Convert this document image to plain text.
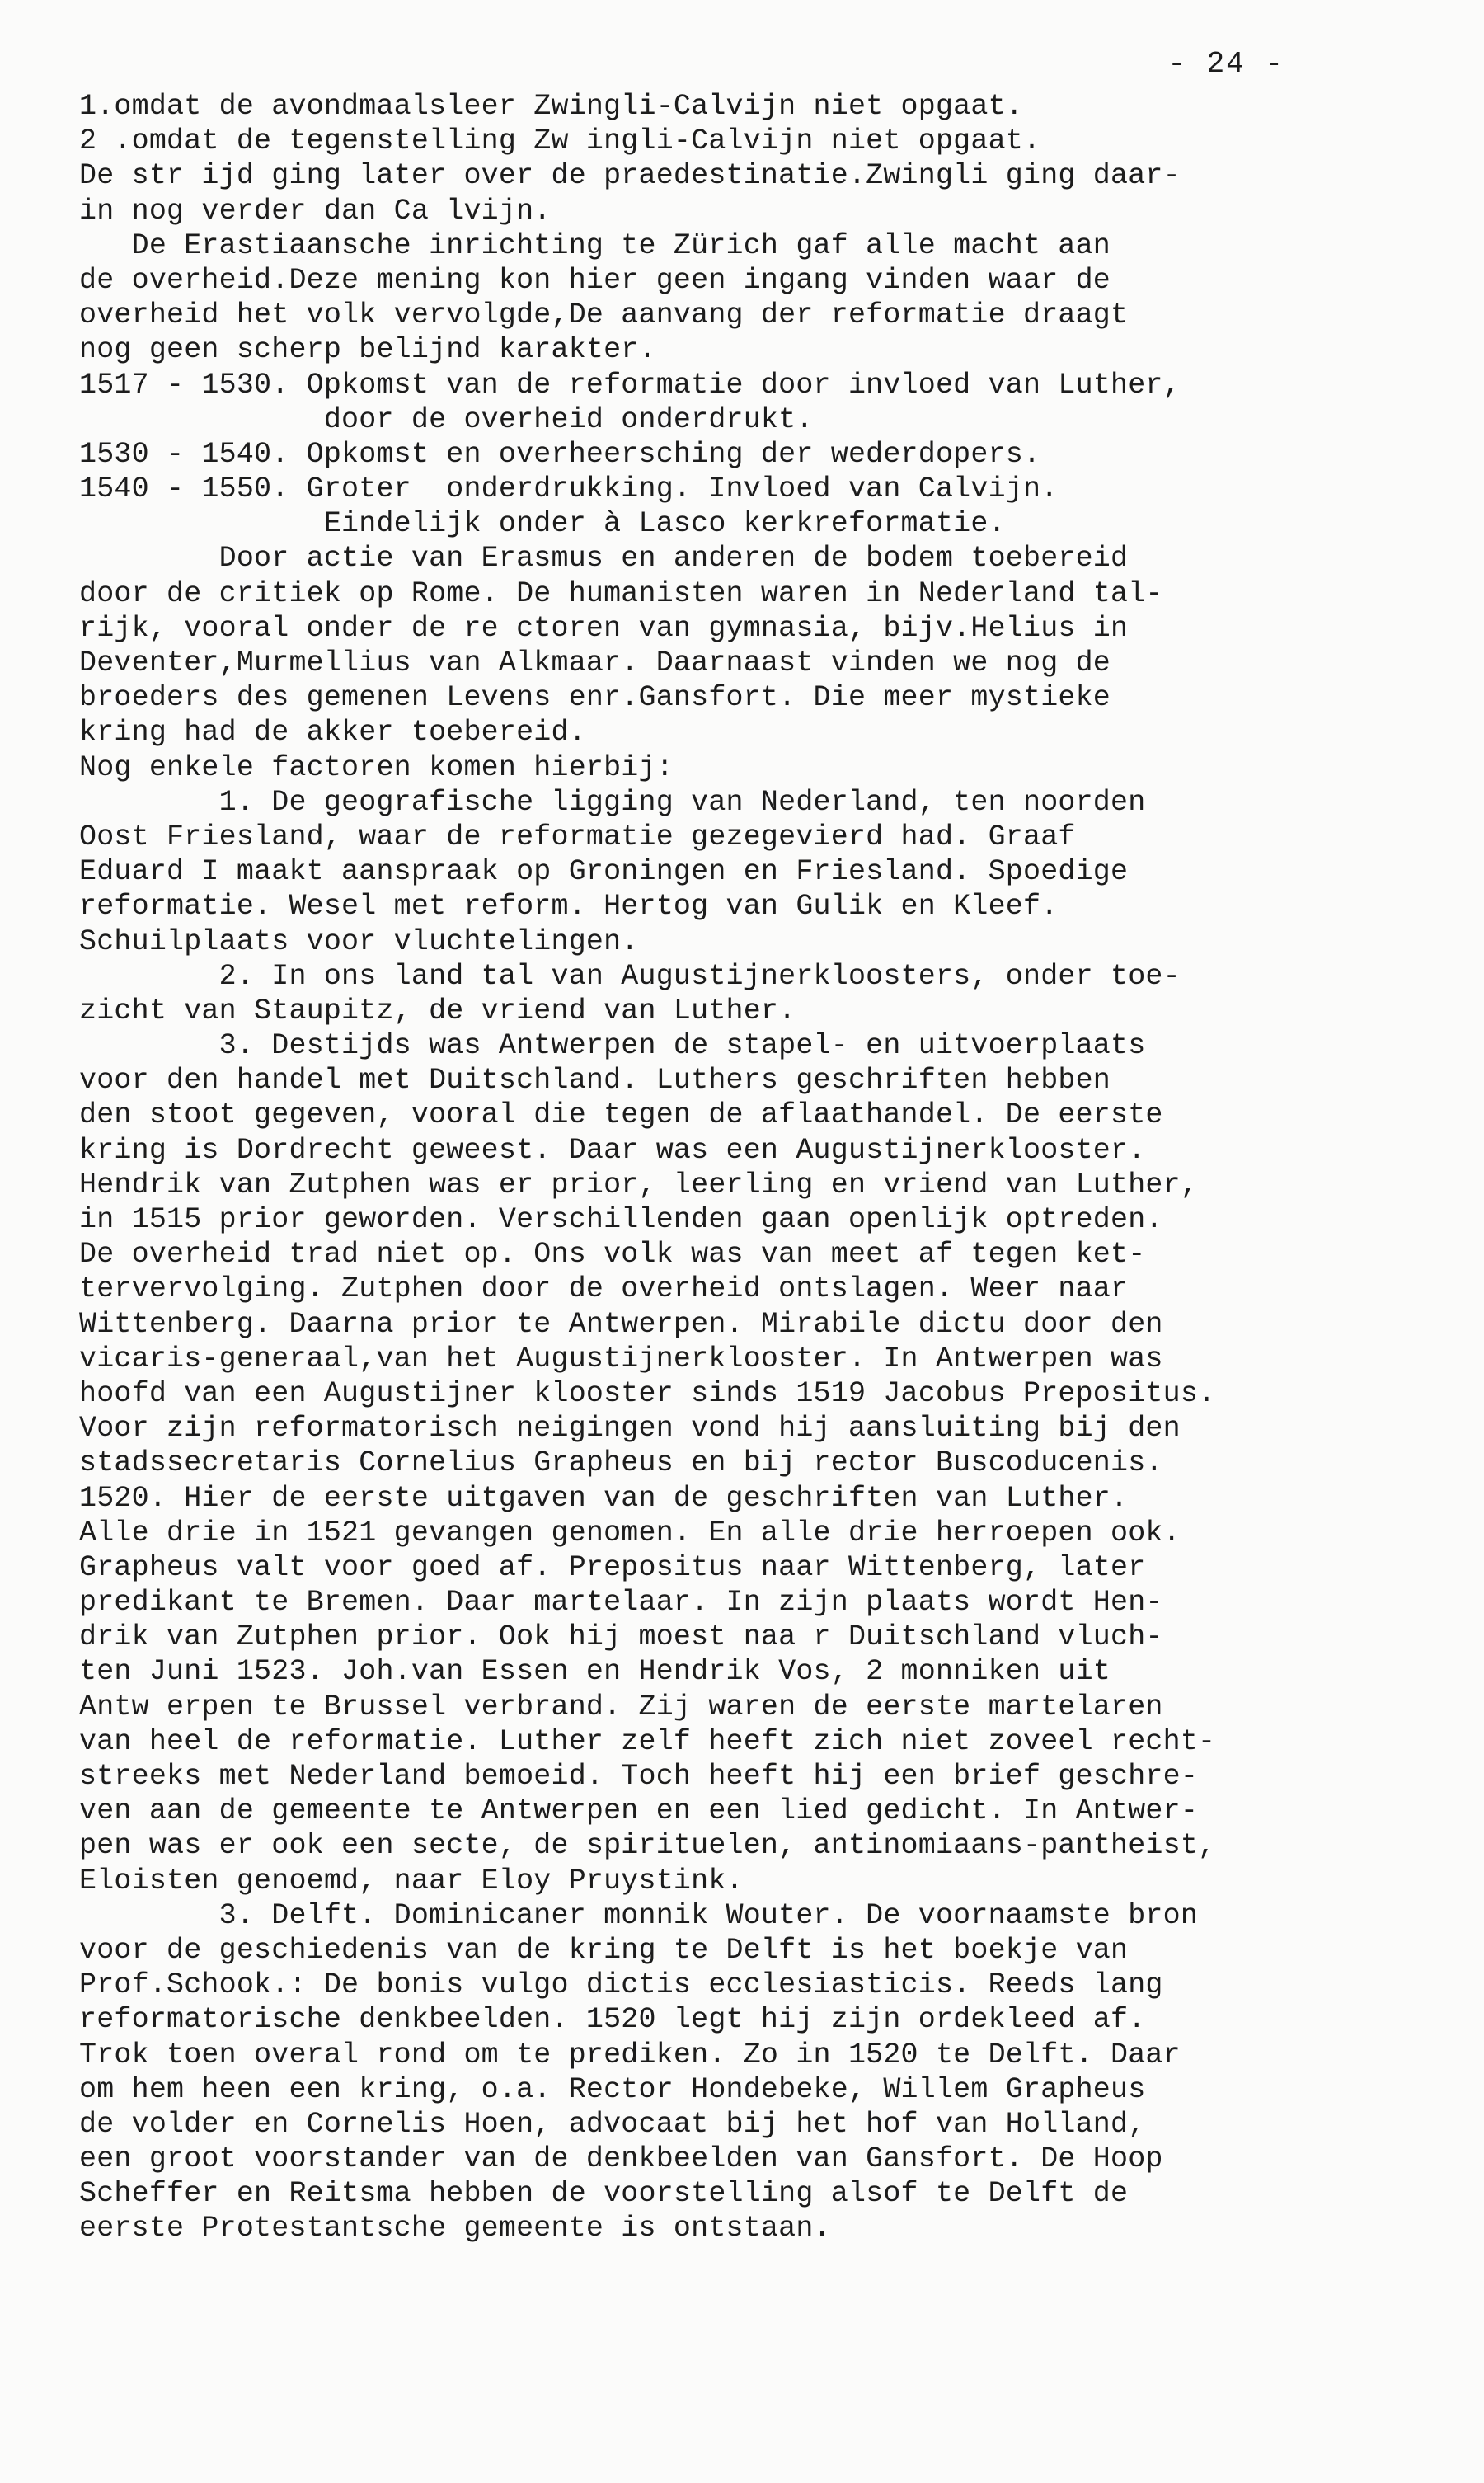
- 24 -
1.omdat de avondmaalsleer Zwingli-Calvijn niet opgaat.
2 .omdat de tegenstelling Zw ingli-Calvijn niet opgaat.
De str ijd ging later over de praedestinatie.Zwingli ging daar-
in nog verder dan Ca lvijn.
De Erastiaansche inrichting te Zürich gaf alle macht aan
de overheid.Deze mening kon hier geen ingang vinden waar de
overheid het volk vervolgde,De aanvang der reformatie draagt
nog geen scherp belijnd karakter.
1517 - 1530. Opkomst van de reformatie door invloed van Luther,
door de overheid onderdrukt.
1530 - 1540. Opkomst en overheersching der wederdopers.
1540 - 1550. Groter  onderdrukking. Invloed van Calvijn.
Eindelijk onder à Lasco kerkreformatie.
Door actie van Erasmus en anderen de bodem toebereid
door de critiek op Rome. De humanisten waren in Nederland tal-
rijk, vooral onder de re ctoren van gymnasia, bijv.Helius in
Deventer,Murmellius van Alkmaar. Daarnaast vinden we nog de
broeders des gemenen Levens enr.Gansfort. Die meer mystieke
kring had de akker toebereid.
Nog enkele factoren komen hierbij:
1. De geografische ligging van Nederland, ten noorden
Oost Friesland, waar de reformatie gezegevierd had. Graaf
Eduard I maakt aanspraak op Groningen en Friesland. Spoedige
reformatie. Wesel met reform. Hertog van Gulik en Kleef.
Schuilplaats voor vluchtelingen.
2. In ons land tal van Augustijnerkloosters, onder toe-
zicht van Staupitz, de vriend van Luther.
3. Destijds was Antwerpen de stapel- en uitvoerplaats
voor den handel met Duitschland. Luthers geschriften hebben
den stoot gegeven, vooral die tegen de aflaathandel. De eerste
kring is Dordrecht geweest. Daar was een Augustijnerklooster.
Hendrik van Zutphen was er prior, leerling en vriend van Luther,
in 1515 prior geworden. Verschillenden gaan openlijk optreden.
De overheid trad niet op. Ons volk was van meet af tegen ket-
tervervolging. Zutphen door de overheid ontslagen. Weer naar
Wittenberg. Daarna prior te Antwerpen. Mirabile dictu door den
vicaris-generaal,van het Augustijnerklooster. In Antwerpen was
hoofd van een Augustijner klooster sinds 1519 Jacobus Prepositus.
Voor zijn reformatorisch neigingen vond hij aansluiting bij den
stadssecretaris Cornelius Grapheus en bij rector Buscoducenis.
1520. Hier de eerste uitgaven van de geschriften van Luther.
Alle drie in 1521 gevangen genomen. En alle drie herroepen ook.
Grapheus valt voor goed af. Prepositus naar Wittenberg, later
predikant te Bremen. Daar martelaar. In zijn plaats wordt Hen-
drik van Zutphen prior. Ook hij moest naa r Duitschland vluch-
ten Juni 1523. Joh.van Essen en Hendrik Vos, 2 monniken uit
Antw erpen te Brussel verbrand. Zij waren de eerste martelaren
van heel de reformatie. Luther zelf heeft zich niet zoveel recht-
streeks met Nederland bemoeid. Toch heeft hij een brief geschre-
ven aan de gemeente te Antwerpen en een lied gedicht. In Antwer-
pen was er ook een secte, de spirituelen, antinomiaans-pantheist,
Eloisten genoemd, naar Eloy Pruystink.
3. Delft. Dominicaner monnik Wouter. De voornaamste bron
voor de geschiedenis van de kring te Delft is het boekje van
Prof.Schook.: De bonis vulgo dictis ecclesiasticis. Reeds lang
reformatorische denkbeelden. 1520 legt hij zijn ordekleed af.
Trok toen overal rond om te prediken. Zo in 1520 te Delft. Daar
om hem heen een kring, o.a. Rector Hondebeke, Willem Grapheus
de volder en Cornelis Hoen, advocaat bij het hof van Holland,
een groot voorstander van de denkbeelden van Gansfort. De Hoop
Scheffer en Reitsma hebben de voorstelling alsof te Delft de
eerste Protestantsche gemeente is ontstaan.
